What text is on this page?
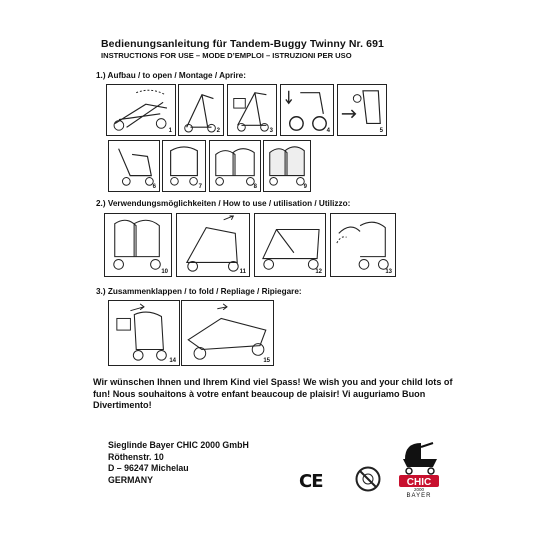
Bedienungsanleitung für Tandem-Buggy Twinny Nr. 691
INSTRUCTIONS FOR USE – MODE D’EMPLOI – ISTRUZIONI PER USO
1.) Aufbau / to open / Montage / Aprire:
2.) Verwendungsmöglichkeiten / How to use / utilisation / Utilizzo:
3.) Zusammenklappen / to fold / Repliage / Ripiegare:
1	2	3	4	5
6	7	8	9
10	11	12	13
14	15
Wir wünschen Ihnen und Ihrem Kind viel Spass! We wish you and your child lots of fun! Nous souhaitons à votre enfant beaucoup de plaisir! Vi auguriamo Buon Divertimento!
Sieglinde Bayer CHIC 2000 GmbH
Röthenstr. 10
D – 96247 Michelau
GERMANY	CE	CHIC
2000
BAYER
